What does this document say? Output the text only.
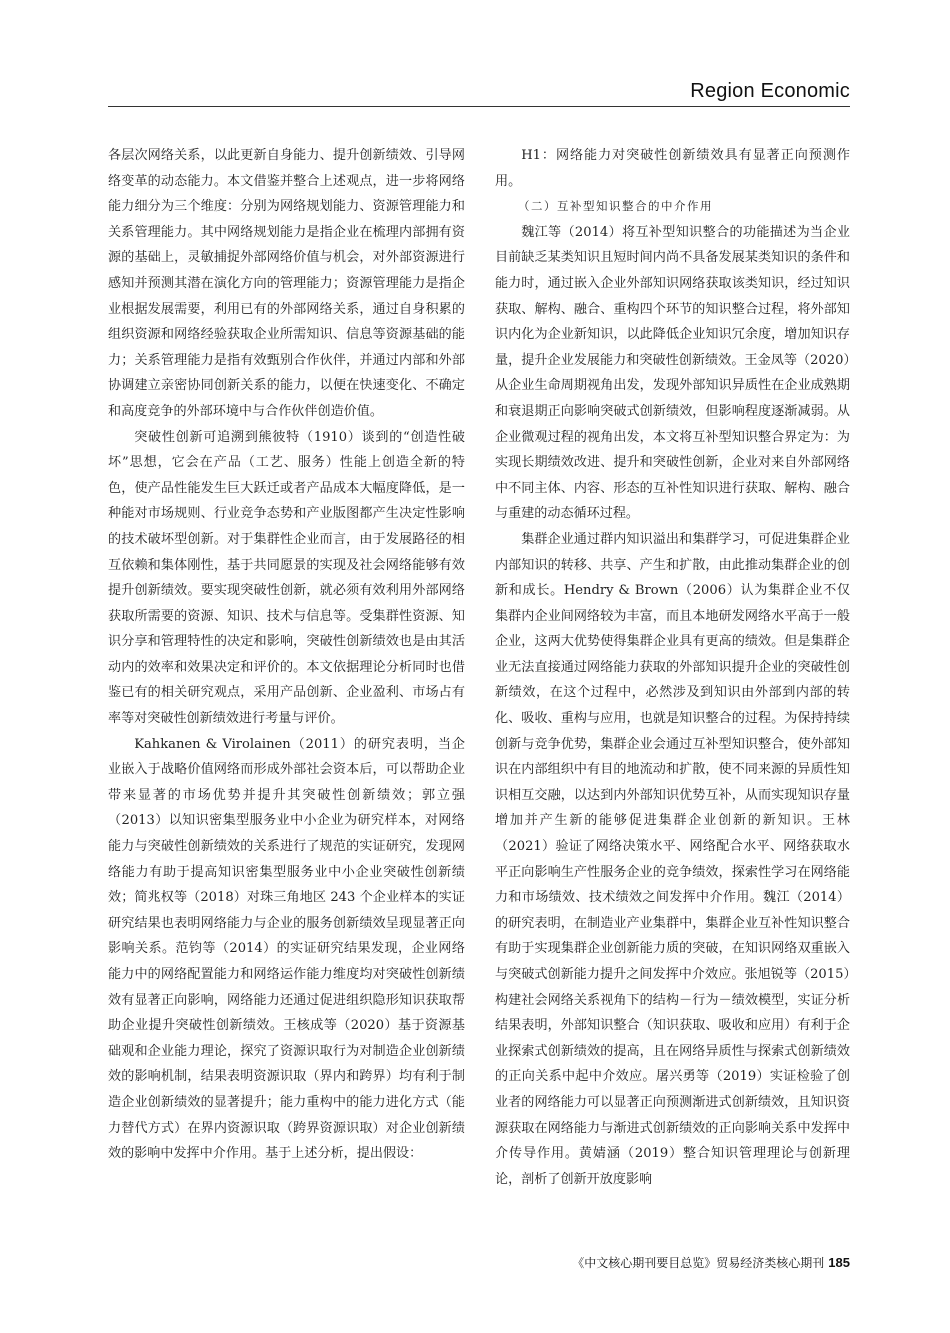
Region Economic

各层次网络关系，以此更新自身能力、提升创新绩效、引导网络变革的动态能力。本文借鉴并整合上述观点，进一步将网络能力细分为三个维度：分别为网络规划能力、资源管理能力和关系管理能力。其中网络规划能力是指企业在梳理内部拥有资源的基础上，灵敏捕捉外部网络价值与机会，对外部资源进行感知并预测其潜在演化方向的管理能力；资源管理能力是指企业根据发展需要，利用已有的外部网络关系，通过自身积累的组织资源和网络经验获取企业所需知识、信息等资源基础的能力；关系管理能力是指有效甄别合作伙伴，并通过内部和外部协调建立亲密协同创新关系的能力，以便在快速变化、不确定和高度竞争的外部环境中与合作伙伴创造价值。

突破性创新可追溯到熊彼特（1910）谈到的“创造性破坏”思想，它会在产品（工艺、服务）性能上创造全新的特色，使产品性能发生巨大跃迁或者产品成本大幅度降低，是一种能对市场规则、行业竞争态势和产业版图都产生决定性影响的技术破坏型创新。对于集群性企业而言，由于发展路径的相互依赖和集体刚性，基于共同愿景的实现及社会网络能够有效提升创新绩效。要实现突破性创新，就必须有效利用外部网络获取所需要的资源、知识、技术与信息等。受集群性资源、知识分享和管理特性的决定和影响，突破性创新绩效也是由其活动内的效率和效果决定和评价的。本文依据理论分析同时也借鉴已有的相关研究观点，采用产品创新、企业盈利、市场占有率等对突破性创新绩效进行考量与评价。

Kahkanen & Virolainen（2011）的研究表明，当企业嵌入于战略价值网络而形成外部社会资本后，可以帮助企业带来显著的市场优势并提升其突破性创新绩效；郭立强（2013）以知识密集型服务业中小企业为研究样本，对网络能力与突破性创新绩效的关系进行了规范的实证研究，发现网络能力有助于提高知识密集型服务业中小企业突破性创新绩效；简兆权等（2018）对珠三角地区 243 个企业样本的实证研究结果也表明网络能力与企业的服务创新绩效呈现显著正向影响关系。范钧等（2014）的实证研究结果发现，企业网络能力中的网络配置能力和网络运作能力维度均对突破性创新绩效有显著正向影响，网络能力还通过促进组织隐形知识获取帮助企业提升突破性创新绩效。王核成等（2020）基于资源基础观和企业能力理论，探究了资源识取行为对制造企业创新绩效的影响机制，结果表明资源识取（界内和跨界）均有利于制造企业创新绩效的显著提升；能力重构中的能力进化方式（能力替代方式）在界内资源识取（跨界资源识取）对企业创新绩效的影响中发挥中介作用。基于上述分析，提出假设：

H1：网络能力对突破性创新绩效具有显著正向预测作用。

（二）互补型知识整合的中介作用

魏江等（2014）将互补型知识整合的功能描述为当企业目前缺乏某类知识且短时间内尚不具备发展某类知识的条件和能力时，通过嵌入企业外部知识网络获取该类知识，经过知识获取、解构、融合、重构四个环节的知识整合过程，将外部知识内化为企业新知识，以此降低企业知识冗余度，增加知识存量，提升企业发展能力和突破性创新绩效。王金凤等（2020）从企业生命周期视角出发，发现外部知识异质性在企业成熟期和衰退期正向影响突破式创新绩效，但影响程度逐渐减弱。从企业微观过程的视角出发，本文将互补型知识整合界定为：为实现长期绩效改进、提升和突破性创新，企业对来自外部网络中不同主体、内容、形态的互补性知识进行获取、解构、融合与重建的动态循环过程。

集群企业通过群内知识溢出和集群学习，可促进集群企业内部知识的转移、共享、产生和扩散，由此推动集群企业的创新和成长。Hendry & Brown（2006）认为集群企业不仅集群内企业间网络较为丰富，而且本地研发网络水平高于一般企业，这两大优势使得集群企业具有更高的绩效。但是集群企业无法直接通过网络能力获取的外部知识提升企业的突破性创新绩效，在这个过程中，必然涉及到知识由外部到内部的转化、吸收、重构与应用，也就是知识整合的过程。为保持持续创新与竞争优势，集群企业会通过互补型知识整合，使外部知识在内部组织中有目的地流动和扩散，使不同来源的异质性知识相互交融，以达到内外部知识优势互补，从而实现知识存量增加并产生新的能够促进集群企业创新的新知识。王林（2021）验证了网络决策水平、网络配合水平、网络获取水平正向影响生产性服务企业的竞争绩效，探索性学习在网络能力和市场绩效、技术绩效之间发挥中介作用。魏江（2014）的研究表明，在制造业产业集群中，集群企业互补性知识整合有助于实现集群企业创新能力质的突破，在知识网络双重嵌入与突破式创新能力提升之间发挥中介效应。张旭锐等（2015）构建社会网络关系视角下的结构－行为－绩效模型，实证分析结果表明，外部知识整合（知识获取、吸收和应用）有利于企业探索式创新绩效的提高，且在网络异质性与探索式创新绩效的正向关系中起中介效应。屠兴勇等（2019）实证检验了创业者的网络能力可以显著正向预测渐进式创新绩效，且知识资源获取在网络能力与渐进式创新绩效的正向影响关系中发挥中介传导作用。黄婧涵（2019）整合知识管理理论与创新理论，剖析了创新开放度影响

《中文核心期刊要目总览》贸易经济类核心期刊 185
